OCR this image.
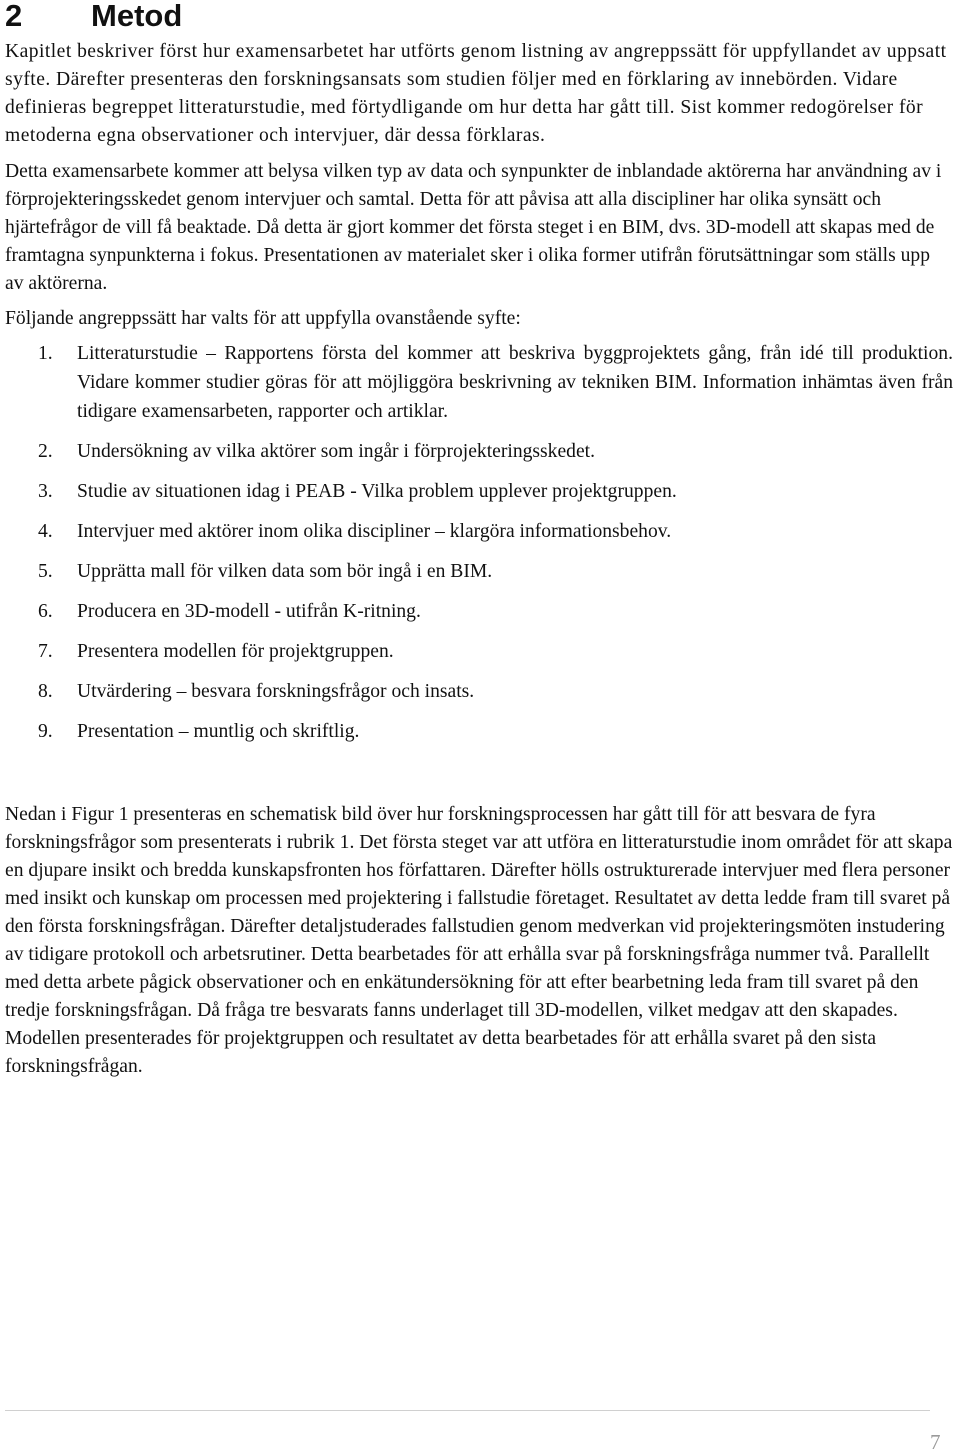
2 Metod

Kapitlet beskriver först hur examensarbetet har utförts genom listning av angreppssätt för uppfyllandet av uppsatt syfte. Därefter presenteras den forskningsansats som studien följer med en förklaring av innebörden. Vidare definieras begreppet litteraturstudie, med förtydligande om hur detta har gått till. Sist kommer redogörelser för metoderna egna observationer och intervjuer, där dessa förklaras.

Detta examensarbete kommer att belysa vilken typ av data och synpunkter de inblandade aktörerna har användning av i förprojekteringsskedet genom intervjuer och samtal. Detta för att påvisa att alla discipliner har olika synsätt och hjärtefrågor de vill få beaktade. Då detta är gjort kommer det första steget i en BIM, dvs. 3D-modell att skapas med de framtagna synpunkterna i fokus. Presentationen av materialet sker i olika former utifrån förutsättningar som ställs upp av aktörerna.

Följande angreppssätt har valts för att uppfylla ovanstående syfte:

1.	Litteraturstudie – Rapportens första del kommer att beskriva byggprojektets gång, från idé till produktion. Vidare kommer studier göras för att möjliggöra beskrivning av tekniken BIM. Information inhämtas även från tidigare examensarbeten, rapporter och artiklar.
2.	Undersökning av vilka aktörer som ingår i förprojekteringsskedet.
3.	Studie av situationen idag i PEAB - Vilka problem upplever projektgruppen.
4.	Intervjuer med aktörer inom olika discipliner – klargöra informationsbehov.
5.	Upprätta mall för vilken data som bör ingå i en BIM.
6.	Producera en 3D-modell - utifrån K-ritning.
7.	Presentera modellen för projektgruppen.
8.	Utvärdering – besvara forskningsfrågor och insats.
9.	Presentation – muntlig och skriftlig.

Nedan i Figur 1 presenteras en schematisk bild över hur forskningsprocessen har gått till för att besvara de fyra forskningsfrågor som presenterats i rubrik 1. Det första steget var att utföra en litteraturstudie inom området för att skapa en djupare insikt och bredda kunskapsfronten hos författaren. Därefter hölls ostrukturerade intervjuer med flera personer med insikt och kunskap om processen med projektering i fallstudie företaget. Resultatet av detta ledde fram till svaret på den första forskningsfrågan. Därefter detaljstuderades fallstudien genom medverkan vid projekteringsmöten instudering av tidigare protokoll och arbetsrutiner. Detta bearbetades för att erhålla svar på forskningsfråga nummer två. Parallellt med detta arbete pågick observationer och en enkätundersökning för att efter bearbetning leda fram till svaret på den tredje forskningsfrågan. Då fråga tre besvarats fanns underlaget till 3D-modellen, vilket medgav att den skapades. Modellen presenterades för projektgruppen och resultatet av detta bearbetades för att erhålla svaret på den sista forskningsfrågan.

7
